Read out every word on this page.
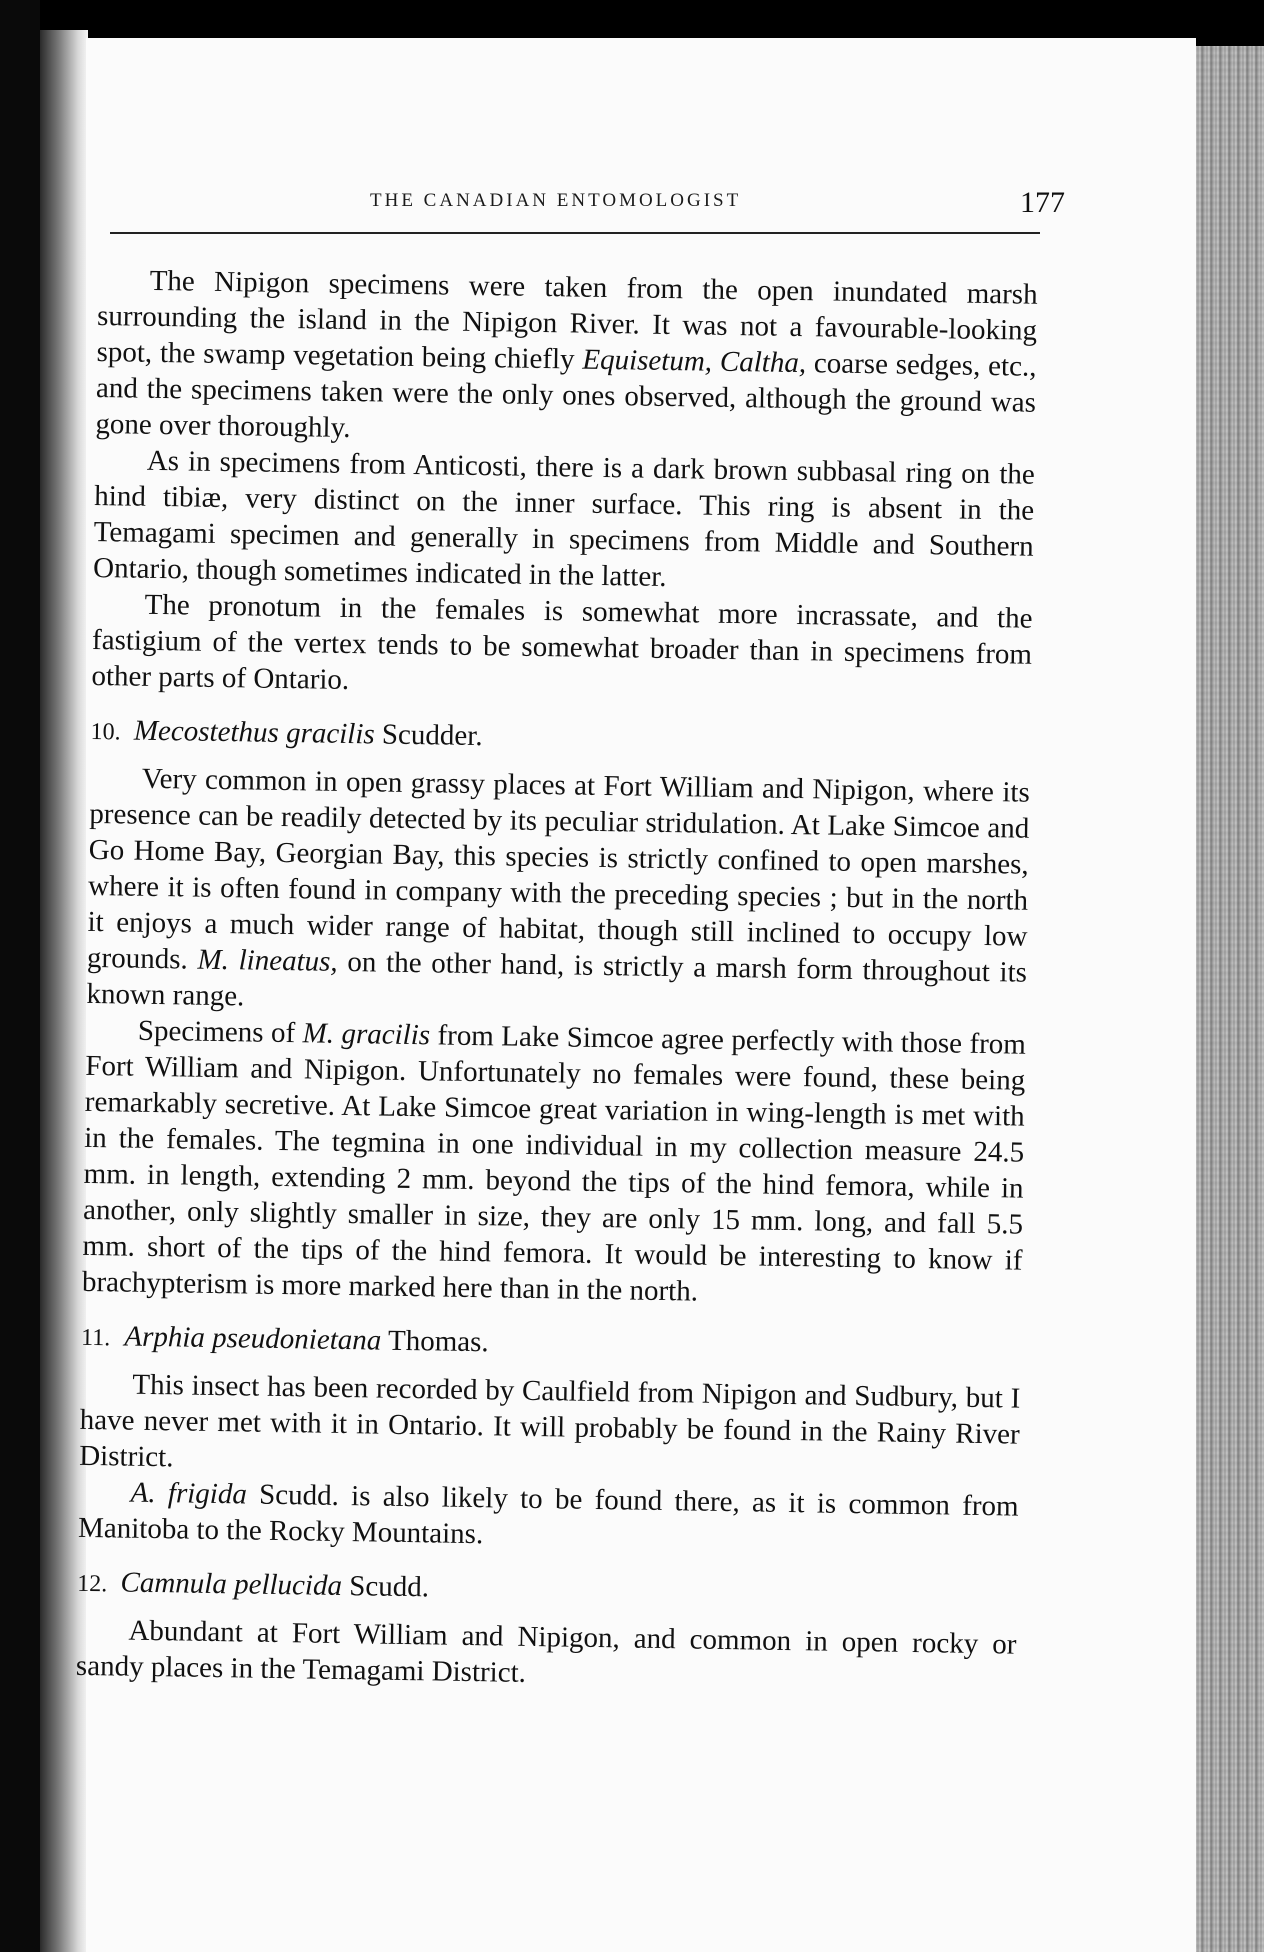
THE CANADIAN ENTOMOLOGIST	177

The Nipigon specimens were taken from the open inundated marsh surrounding the island in the Nipigon River. It was not a favourable-looking spot, the swamp vegetation being chiefly Equisetum, Caltha, coarse sedges, etc., and the specimens taken were the only ones observed, although the ground was gone over thoroughly.

As in specimens from Anticosti, there is a dark brown subbasal ring on the hind tibiæ, very distinct on the inner surface. This ring is absent in the Temagami specimen and generally in specimens from Middle and Southern Ontario, though sometimes indicated in the latter.

The pronotum in the females is somewhat more incrassate, and the fastigium of the vertex tends to be somewhat broader than in specimens from other parts of Ontario.

10. Mecostethus gracilis Scudder.

Very common in open grassy places at Fort William and Nipigon, where its presence can be readily detected by its peculiar stridulation. At Lake Simcoe and Go Home Bay, Georgian Bay, this species is strictly confined to open marshes, where it is often found in company with the preceding species ; but in the north it enjoys a much wider range of habitat, though still inclined to occupy low grounds. M. lineatus, on the other hand, is strictly a marsh form throughout its known range.

Specimens of M. gracilis from Lake Simcoe agree perfectly with those from Fort William and Nipigon. Unfortunately no females were found, these being remarkably secretive. At Lake Simcoe great variation in wing-length is met with in the females. The tegmina in one individual in my collection measure 24.5 mm. in length, extending 2 mm. beyond the tips of the hind femora, while in another, only slightly smaller in size, they are only 15 mm. long, and fall 5.5 mm. short of the tips of the hind femora. It would be interesting to know if brachypterism is more marked here than in the north.

11. Arphia pseudonietana Thomas.

This insect has been recorded by Caulfield from Nipigon and Sudbury, but I have never met with it in Ontario. It will probably be found in the Rainy River District.

A. frigida Scudd. is also likely to be found there, as it is common from Manitoba to the Rocky Mountains.

12. Camnula pellucida Scudd.

Abundant at Fort William and Nipigon, and common in open rocky or sandy places in the Temagami District.
